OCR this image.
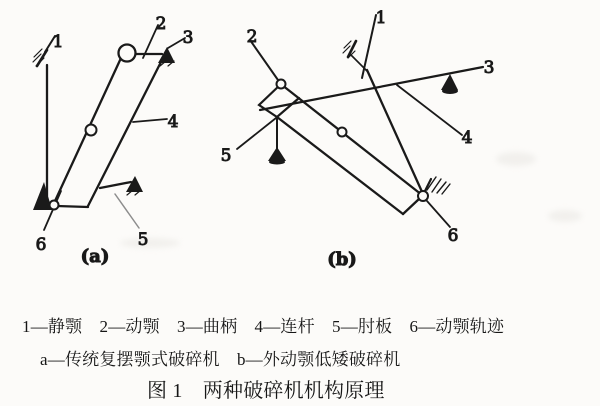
1
2
3
4
5
6
(a)
1
2
3
4
5
6
(b)
1—静颚　2—动颚　3—曲柄　4—连杆　5—肘板　6—动颚轨迹
a—传统复摆颚式破碎机　b—外动颚低矮破碎机
图 1　两种破碎机机构原理
